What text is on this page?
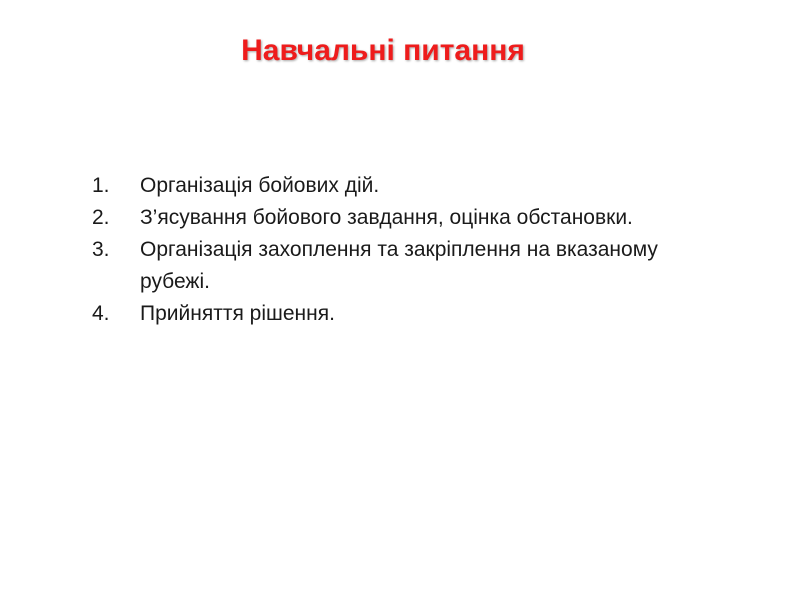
Навчальні питання
1.	Організація бойових дій.
2.	З’ясування бойового завдання, оцінка обстановки.
3.	Організація захоплення та закріплення на вказаному рубежі.
4.	Прийняття рішення.
